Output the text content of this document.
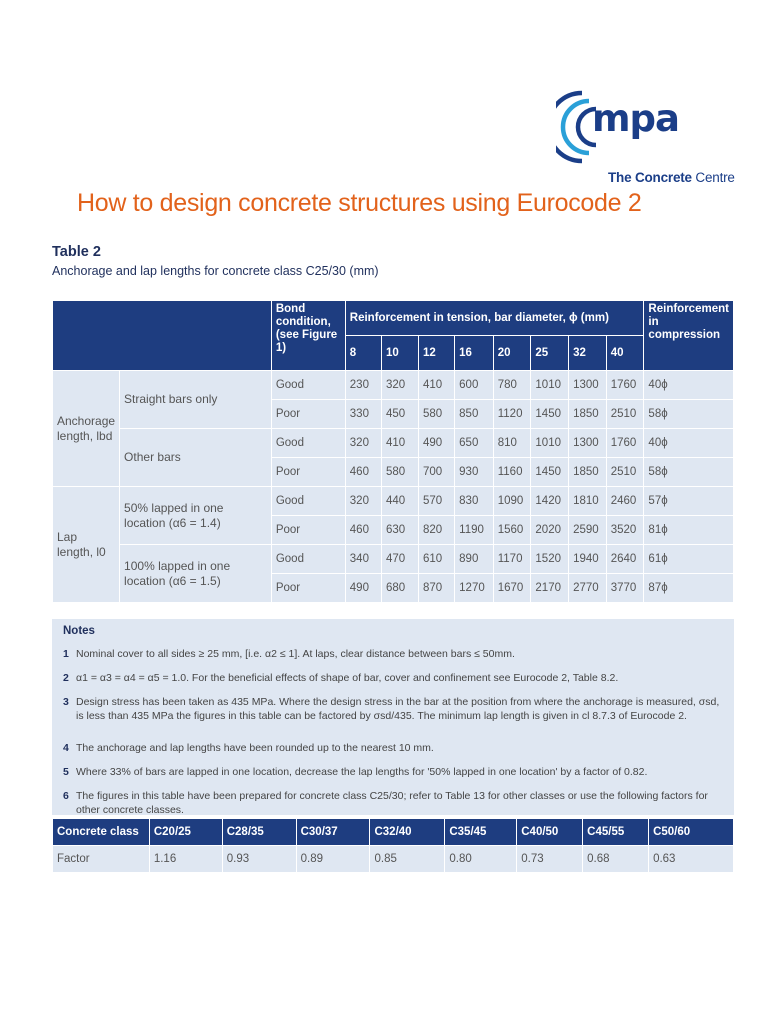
mpa
The Concrete Centre
How to design concrete structures using Eurocode 2
Table 2
Anchorage and lap lengths for concrete class C25/30 (mm)
		Bond condition, (see Figure 1)	Reinforcement in tension, bar diameter, ϕ (mm)								Reinforcement in compression
			8	10	12	16	20	25	32	40	
Anchorage length, lbd	Straight bars only	Good	230	320	410	600	780	1010	1300	1760	40ϕ
		Poor	330	450	580	850	1120	1450	1850	2510	58ϕ
	Other bars	Good	320	410	490	650	810	1010	1300	1760	40ϕ
		Poor	460	580	700	930	1160	1450	1850	2510	58ϕ
Lap length, l0	50% lapped in one location (α6 = 1.4)	Good	320	440	570	830	1090	1420	1810	2460	57ϕ
		Poor	460	630	820	1190	1560	2020	2590	3520	81ϕ
	100% lapped in one location (α6 = 1.5)	Good	340	470	610	890	1170	1520	1940	2640	61ϕ
		Poor	490	680	870	1270	1670	2170	2770	3770	87ϕ
Notes
1 Nominal cover to all sides ≥ 25 mm, [i.e. α2 ≤ 1]. At laps, clear distance between bars ≤ 50mm.
2 α1 = α3 = α4 = α5 = 1.0. For the beneficial effects of shape of bar, cover and confinement see Eurocode 2, Table 8.2.
3 Design stress has been taken as 435 MPa. Where the design stress in the bar at the position from where the anchorage is measured, σsd, is less than 435 MPa the figures in this table can be factored by σsd/435. The minimum lap length is given in cl 8.7.3 of Eurocode 2.
4 The anchorage and lap lengths have been rounded up to the nearest 10 mm.
5 Where 33% of bars are lapped in one location, decrease the lap lengths for '50% lapped in one location' by a factor of 0.82.
6 The figures in this table have been prepared for concrete class C25/30; refer to Table 13 for other classes or use the following factors for other concrete classes.
Concrete class	C20/25	C28/35	C30/37	C32/40	C35/45	C40/50	C45/55	C50/60
Factor	1.16	0.93	0.89	0.85	0.80	0.73	0.68	0.63
